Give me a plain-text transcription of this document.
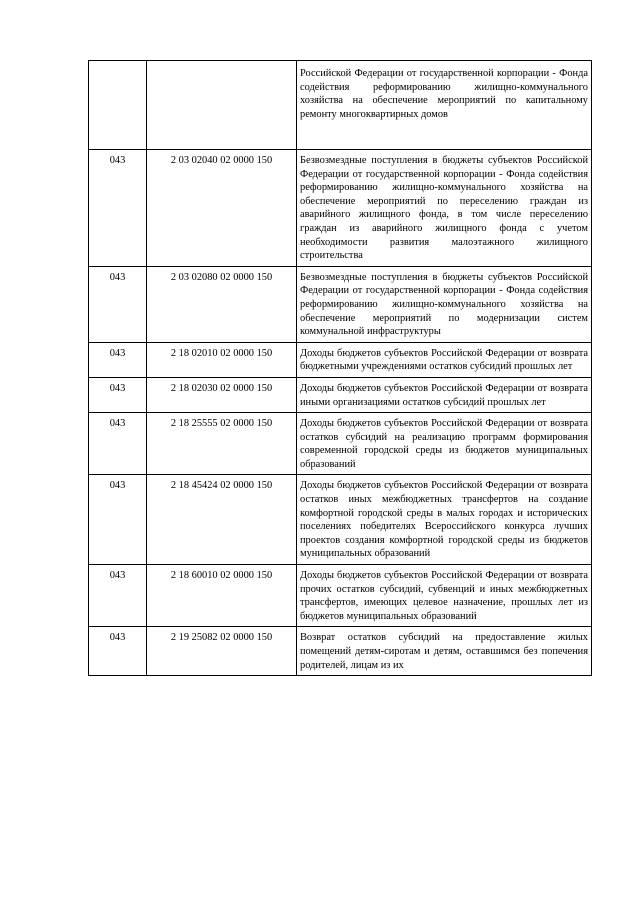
		Российской Федерации от государственной корпорации - Фонда содействия реформированию жилищно-коммунального хозяйства на обеспечение мероприятий по капитальному ремонту многоквартирных домов
043	2 03 02040 02 0000 150	Безвозмездные поступления в бюджеты субъектов Российской Федерации от государственной корпорации - Фонда содействия реформированию жилищно-коммунального хозяйства на обеспечение мероприятий по переселению граждан из аварийного жилищного фонда, в том числе переселению граждан из аварийного жилищного фонда с учетом необходимости развития малоэтажного жилищного строительства
043	2 03 02080 02 0000 150	Безвозмездные поступления в бюджеты субъектов Российской Федерации от государственной корпорации - Фонда содействия реформированию жилищно-коммунального хозяйства на обеспечение мероприятий по модернизации систем коммунальной инфраструктуры
043	2 18 02010 02 0000 150	Доходы бюджетов субъектов Российской Федерации от возврата бюджетными учреждениями остатков субсидий прошлых лет
043	2 18 02030 02 0000 150	Доходы бюджетов субъектов Российской Федерации от возврата иными организациями остатков субсидий прошлых лет
043	2 18 25555 02 0000 150	Доходы бюджетов субъектов Российской Федерации от возврата остатков субсидий на реализацию программ формирования современной городской среды из бюджетов муниципальных образований
043	2 18 45424 02 0000 150	Доходы бюджетов субъектов Российской Федерации от возврата остатков иных межбюджетных трансфертов на создание комфортной городской среды в малых городах и исторических поселениях победителях Всероссийского конкурса лучших проектов создания комфортной городской среды из бюджетов муниципальных образований
043	2 18 60010 02 0000 150	Доходы бюджетов субъектов Российской Федерации от возврата прочих остатков субсидий, субвенций и иных межбюджетных трансфертов, имеющих целевое назначение, прошлых лет из бюджетов муниципальных образований
043	2 19 25082 02 0000 150	Возврат остатков субсидий на предоставление жилых помещений детям-сиротам и детям, оставшимся без попечения родителей, лицам из их
